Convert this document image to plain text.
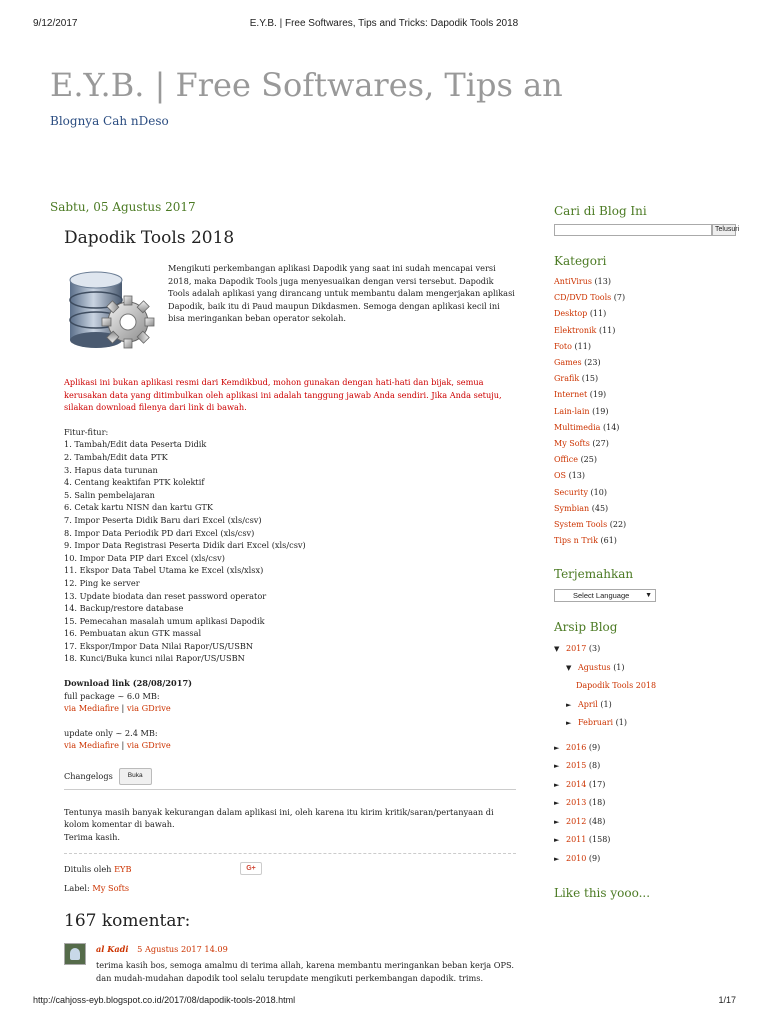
9/12/2017	E.Y.B. | Free Softwares, Tips and Tricks: Dapodik Tools 2018
E.Y.B. | Free Softwares, Tips an
Blognya Cah nDeso
Sabtu, 05 Agustus 2017
Dapodik Tools 2018
Mengikuti perkembangan aplikasi Dapodik yang saat ini sudah mencapai versi 2018, maka Dapodik Tools juga menyesuaikan dengan versi tersebut. Dapodik Tools adalah aplikasi yang dirancang untuk membantu dalam mengerjakan aplikasi Dapodik, baik itu di Paud maupun Dikdasmen. Semoga dengan aplikasi kecil ini bisa meringankan beban operator sekolah.
Aplikasi ini bukan aplikasi resmi dari Kemdikbud, mohon gunakan dengan hati-hati dan bijak, semua kerusakan data yang ditimbulkan oleh aplikasi ini adalah tanggung jawab Anda sendiri. Jika Anda setuju, silakan download filenya dari link di bawah.
Fitur-fitur:
1. Tambah/Edit data Peserta Didik
2. Tambah/Edit data PTK
3. Hapus data turunan
4. Centang keaktifan PTK kolektif
5. Salin pembelajaran
6. Cetak kartu NISN dan kartu GTK
7. Impor Peserta Didik Baru dari Excel (xls/csv)
8. Impor Data Periodik PD dari Excel (xls/csv)
9. Impor Data Registrasi Peserta Didik dari Excel (xls/csv)
10. Impor Data PIP dari Excel (xls/csv)
11. Ekspor Data Tabel Utama ke Excel (xls/xlsx)
12. Ping ke server
13. Update biodata dan reset password operator
14. Backup/restore database
15. Pemecahan masalah umum aplikasi Dapodik
16. Pembuatan akun GTK massal
17. Ekspor/Impor Data Nilai Rapor/US/USBN
18. Kunci/Buka kunci nilai Rapor/US/USBN
Download link (28/08/2017)
full package ~ 6.0 MB:
via Mediafire | via GDrive
update only ~ 2.4 MB:
via Mediafire | via GDrive
Changelogs	Buka
Tentunya masih banyak kekurangan dalam aplikasi ini, oleh karena itu kirim kritik/saran/pertanyaan di kolom komentar di bawah.
Terima kasih.
Ditulis oleh
EYB	G+
Label: My Softs
167 komentar:
al Kadi 5 Agustus 2017 14.09
terima kasih bos, semoga amalmu di terima allah, karena membantu meringankan beban kerja OPS. dan mudah-mudahan dapodik tool selalu terupdate mengikuti perkembangan dapodik. trims.
Cari di Blog Ini
Telusuri
Kategori
AntiVirus (13)
CD/DVD Tools (7)
Desktop (11)
Elektronik (11)
Foto (11)
Games (23)
Grafik (15)
Internet (19)
Lain-lain (19)
Multimedia (14)
My Softs (27)
Office (25)
OS (13)
Security (10)
Symbian (45)
System Tools (22)
Tips n Trik (61)
Terjemahkan
Select Language ▼
Arsip Blog
▼ 2017 (3)
▼ Agustus (1)
Dapodik Tools 2018
► April (1)
► Februari (1)
► 2016 (9)
► 2015 (8)
► 2014 (17)
► 2013 (18)
► 2012 (48)
► 2011 (158)
► 2010 (9)
Like this yooo...
http://cahjoss-eyb.blogspot.co.id/2017/08/dapodik-tools-2018.html	1/17
